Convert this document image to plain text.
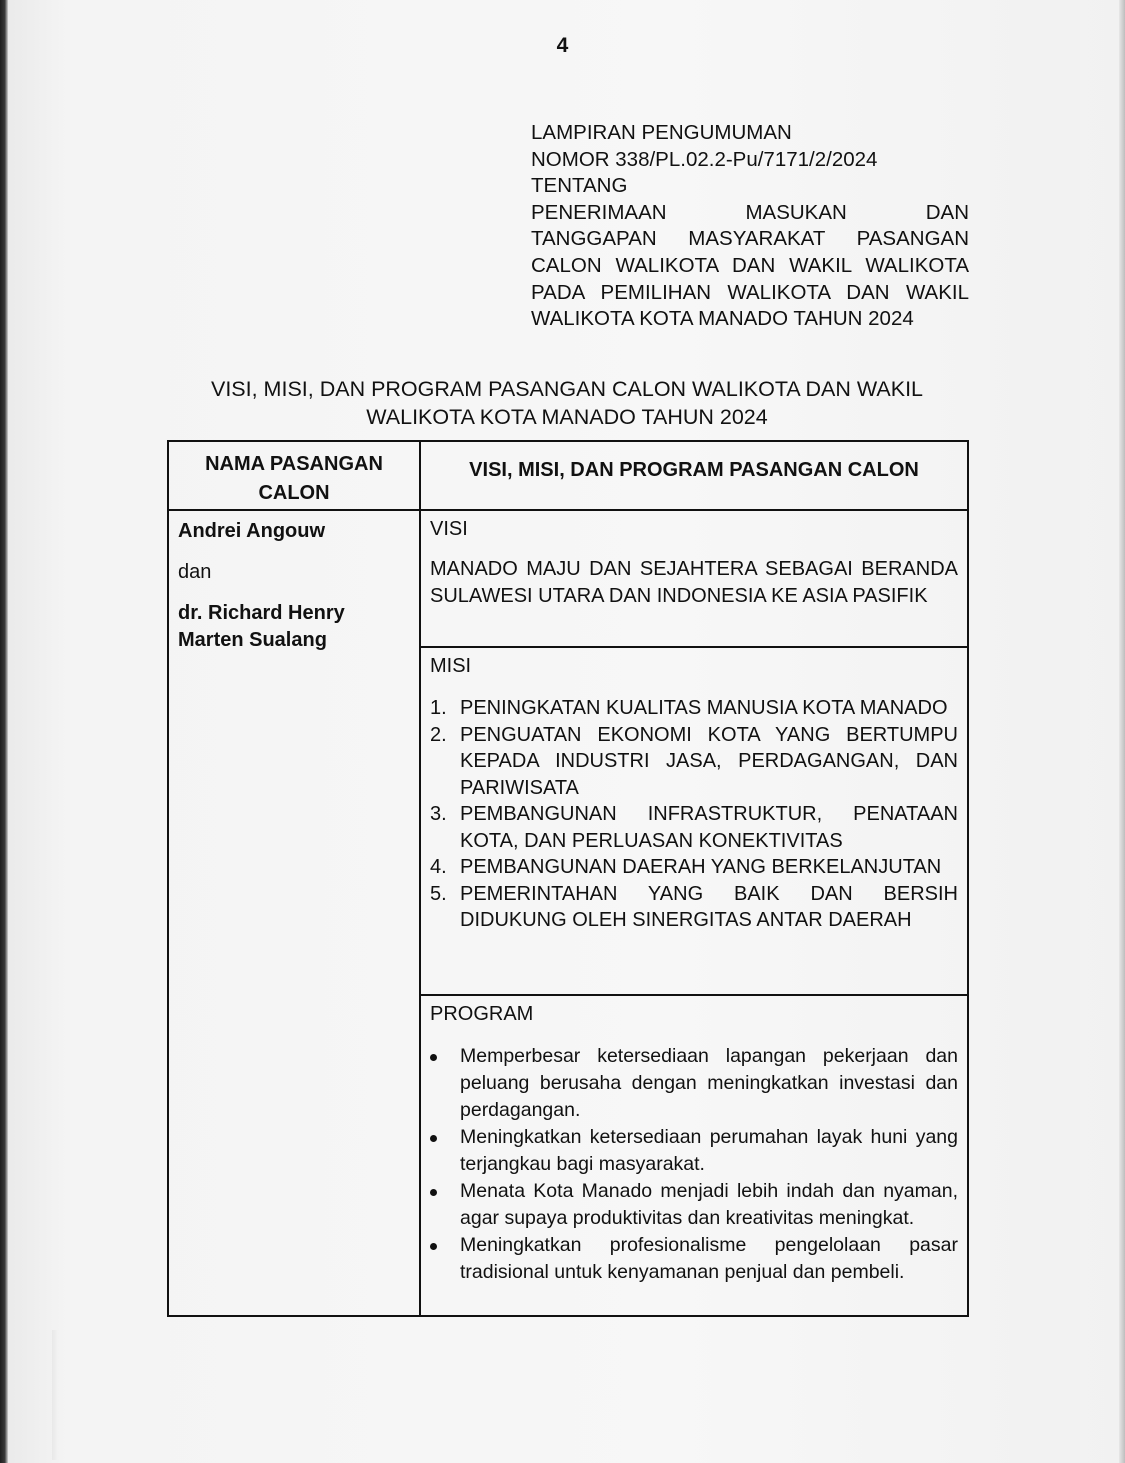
4
LAMPIRAN PENGUMUMAN
NOMOR 338/PL.02.2-Pu/7171/2/2024
TENTANG
PENERIMAAN MASUKAN DAN
TANGGAPAN MASYARAKAT PASANGAN
CALON WALIKOTA DAN WAKIL WALIKOTA
PADA PEMILIHAN WALIKOTA DAN WAKIL
WALIKOTA KOTA MANADO TAHUN 2024
VISI, MISI, DAN PROGRAM PASANGAN CALON WALIKOTA DAN WAKIL
WALIKOTA KOTA MANADO TAHUN 2024
NAMA PASANGAN
CALON
VISI, MISI, DAN PROGRAM PASANGAN CALON
Andrei Angouw
dan
dr. Richard Henry
Marten Sualang
VISI
MANADO MAJU DAN SEJAHTERA SEBAGAI BERANDA SULAWESI UTARA DAN INDONESIA KE ASIA PASIFIK
MISI
1. PENINGKATAN KUALITAS MANUSIA KOTA MANADO
2. PENGUATAN EKONOMI KOTA YANG BERTUMPU KEPADA INDUSTRI JASA, PERDAGANGAN, DAN PARIWISATA
3. PEMBANGUNAN INFRASTRUKTUR, PENATAAN KOTA, DAN PERLUASAN KONEKTIVITAS
4. PEMBANGUNAN DAERAH YANG BERKELANJUTAN
5. PEMERINTAHAN YANG BAIK DAN BERSIH DIDUKUNG OLEH SINERGITAS ANTAR DAERAH
PROGRAM
Memperbesar ketersediaan lapangan pekerjaan dan peluang berusaha dengan meningkatkan investasi dan perdagangan.
Meningkatkan ketersediaan perumahan layak huni yang terjangkau bagi masyarakat.
Menata Kota Manado menjadi lebih indah dan nyaman, agar supaya produktivitas dan kreativitas meningkat.
Meningkatkan profesionalisme pengelolaan pasar tradisional untuk kenyamanan penjual dan pembeli.
